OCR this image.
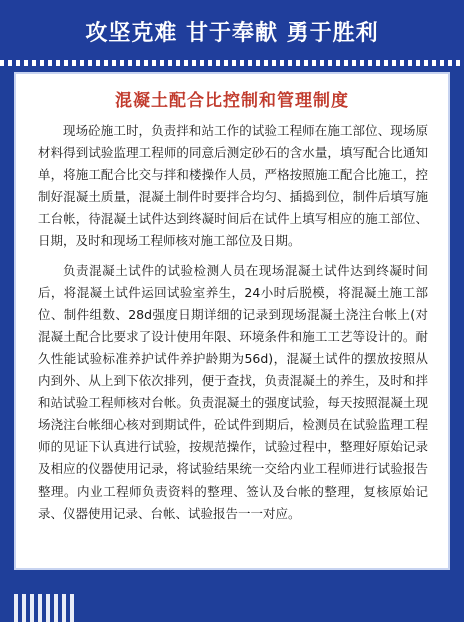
攻坚克难 甘于奉献 勇于胜利
混凝土配合比控制和管理制度

现场砼施工时，负责拌和站工作的试验工程师在施工部位、现场原材料得到试验监理工程师的同意后测定砂石的含水量，填写配合比通知单，将施工配合比交与拌和楼操作人员，严格按照施工配合比施工，控制好混凝土质量，混凝土制件时要拌合均匀、插捣到位，制件后填写施工台帐，待混凝土试件达到终凝时间后在试件上填写相应的施工部位、日期，及时和现场工程师核对施工部位及日期。

负责混凝土试件的试验检测人员在现场混凝土试件达到终凝时间后，将混凝土试件运回试验室养生，24小时后脱模，将混凝土施工部位、制件组数、28d强度日期详细的记录到现场混凝土浇注台帐上(对混凝土配合比要求了设计使用年限、环境条件和施工工艺等设计的。耐久性能试验标准养护试件养护龄期为56d)，混凝土试件的摆放按照从内到外、从上到下依次排列，便于查找，负责混凝土的养生，及时和拌和站试验工程师核对台帐。负责混凝土的强度试验，每天按照混凝土现场浇注台帐细心核对到期试件，砼试件到期后，检测员在试验监理工程师的见证下认真进行试验，按规范操作，试验过程中，整理好原始记录及相应的仪器使用记录，将试验结果统一交给内业工程师进行试验报告整理。内业工程师负责资料的整理、签认及台帐的整理，复核原始记录、仪器使用记录、台帐、试验报告一一对应。
